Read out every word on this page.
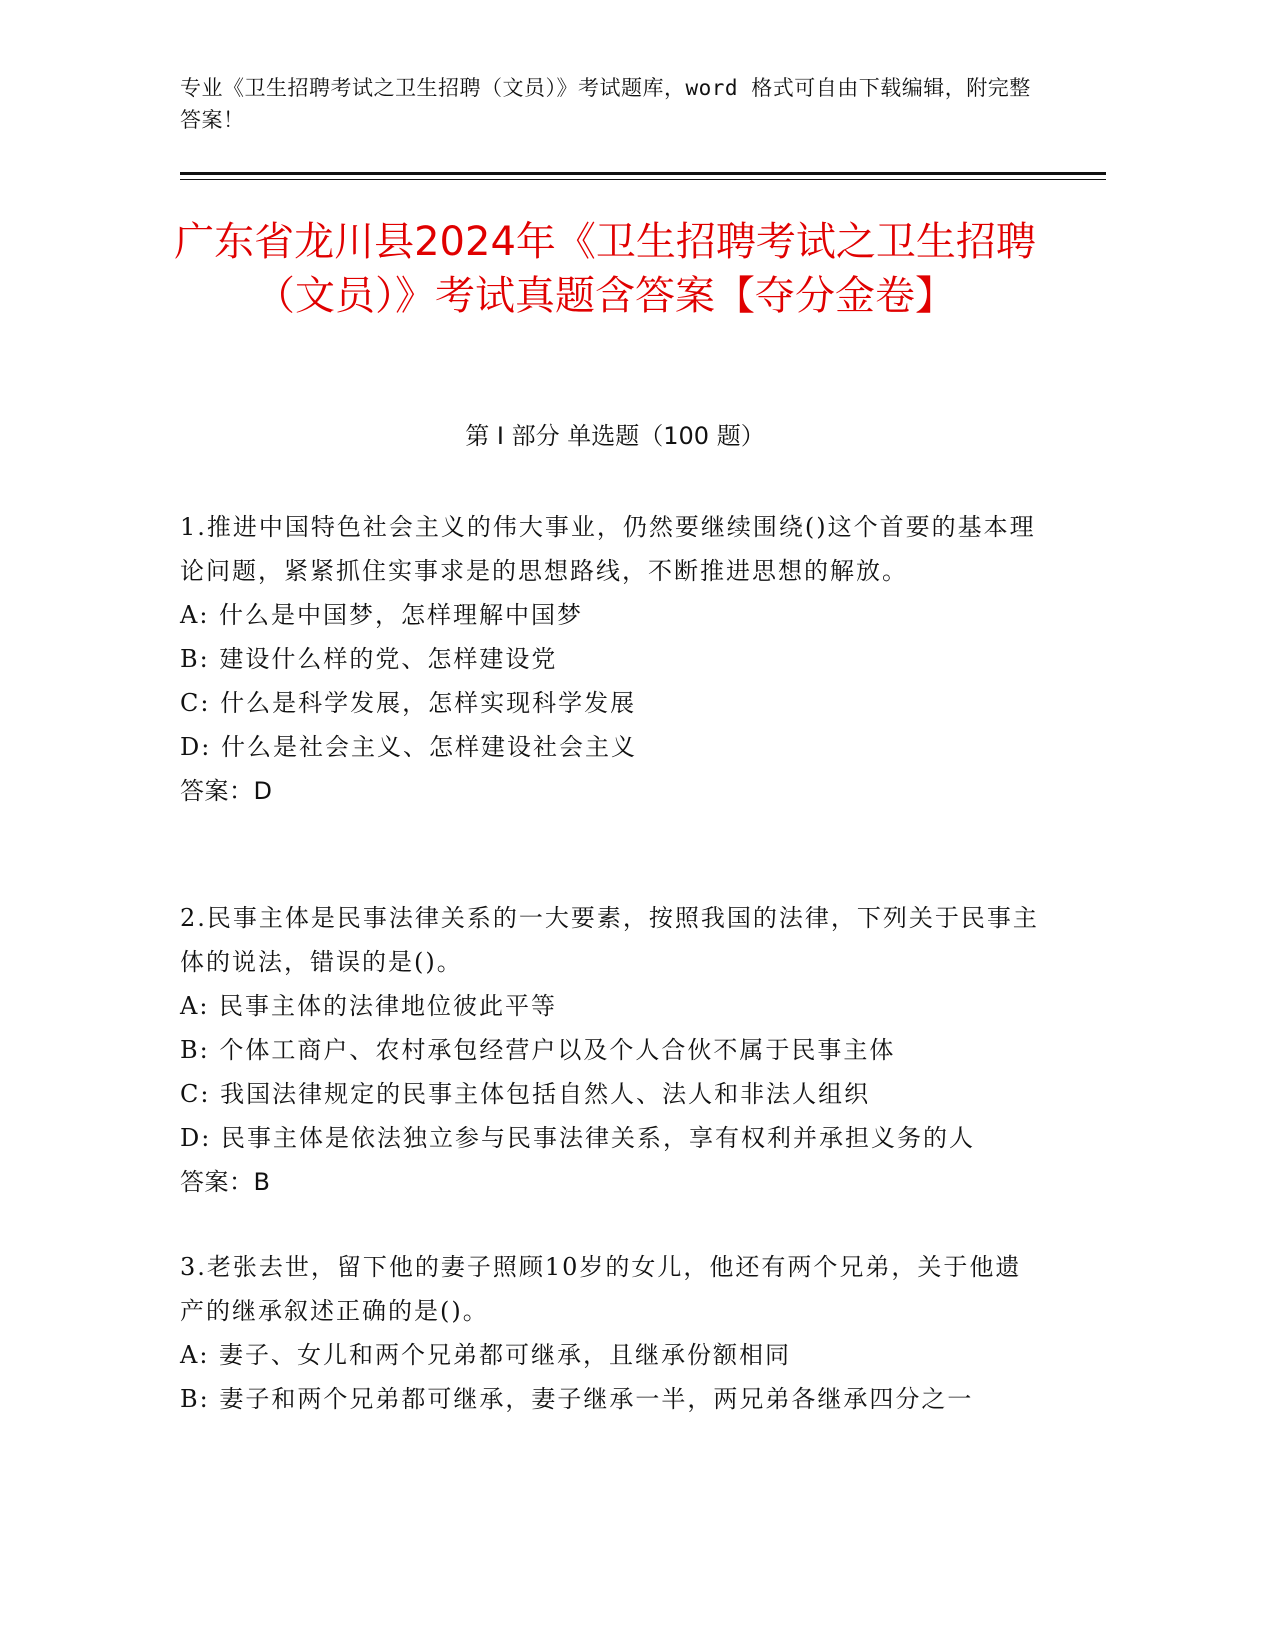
专业《卫生招聘考试之卫生招聘（文员）》考试题库，word 格式可自由下载编辑，附完整答案！
广东省龙川县2024年《卫生招聘考试之卫生招聘（文员）》考试真题含答案【夺分金卷】
第 I 部分 单选题（100 题）

1.推进中国特色社会主义的伟大事业，仍然要继续围绕()这个首要的基本理论问题，紧紧抓住实事求是的思想路线，不断推进思想的解放。

A: 什么是中国梦，怎样理解中国梦

B: 建设什么样的党、怎样建设党

C: 什么是科学发展，怎样实现科学发展

D: 什么是社会主义、怎样建设社会主义

答案：D

2.民事主体是民事法律关系的一大要素，按照我国的法律，下列关于民事主体的说法，错误的是()。

A: 民事主体的法律地位彼此平等

B: 个体工商户、农村承包经营户以及个人合伙不属于民事主体

C: 我国法律规定的民事主体包括自然人、法人和非法人组织

D: 民事主体是依法独立参与民事法律关系，享有权利并承担义务的人

答案：B

3.老张去世，留下他的妻子照顾10岁的女儿，他还有两个兄弟，关于他遗产的继承叙述正确的是()。

A: 妻子、女儿和两个兄弟都可继承，且继承份额相同

B: 妻子和两个兄弟都可继承，妻子继承一半，两兄弟各继承四分之一
